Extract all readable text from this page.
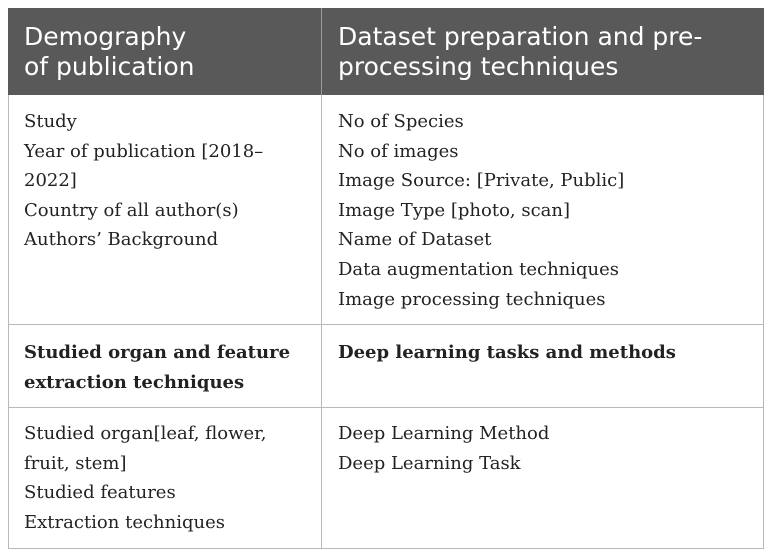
Demography
of publication
Dataset preparation and pre-
processing techniques
Study
Year of publication [2018–
2022]
Country of all author(s)
Authors’ Background
No of Species
No of images
Image Source: [Private, Public]
Image Type [photo, scan]
Name of Dataset
Data augmentation techniques
Image processing techniques
Studied organ and feature
extraction techniques
Deep learning tasks and methods
Studied organ[leaf, flower,
fruit, stem]
Studied features
Extraction techniques
Deep Learning Method
Deep Learning Task
